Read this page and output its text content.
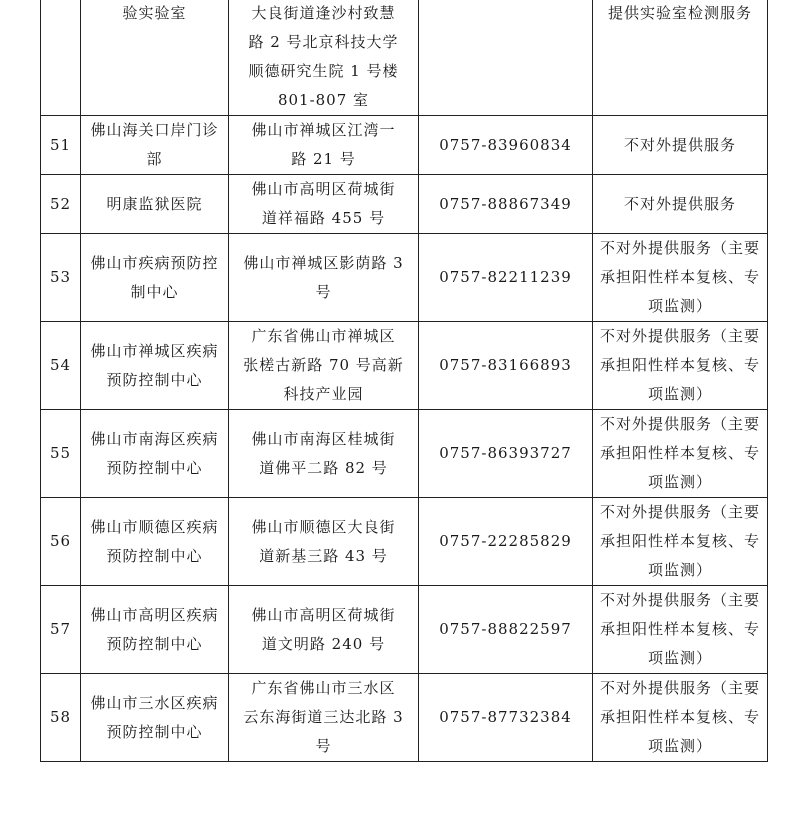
	验实验室	大良街道逢沙村致慧
路 2 号北京科技大学
顺德研究生院 1 号楼
801-807 室		提供实验室检测服务
51	佛山海关口岸门诊部	佛山市禅城区江湾一
路 21 号	0757-83960834	不对外提供服务
52	明康监狱医院	佛山市高明区荷城街
道祥福路 455 号	0757-88867349	不对外提供服务
53	佛山市疾病预防控制中心	佛山市禅城区影荫路 3
号	0757-82211239	不对外提供服务（主要承担阳性样本复核、专项监测）
54	佛山市禅城区疾病预防控制中心	广东省佛山市禅城区
张槎古新路 70 号高新
科技产业园	0757-83166893	不对外提供服务（主要承担阳性样本复核、专项监测）
55	佛山市南海区疾病预防控制中心	佛山市南海区桂城街
道佛平二路 82 号	0757-86393727	不对外提供服务（主要承担阳性样本复核、专项监测）
56	佛山市顺德区疾病预防控制中心	佛山市顺德区大良街
道新基三路 43 号	0757-22285829	不对外提供服务（主要承担阳性样本复核、专项监测）
57	佛山市高明区疾病预防控制中心	佛山市高明区荷城街
道文明路 240 号	0757-88822597	不对外提供服务（主要承担阳性样本复核、专项监测）
58	佛山市三水区疾病预防控制中心	广东省佛山市三水区
云东海街道三达北路 3
号	0757-87732384	不对外提供服务（主要承担阳性样本复核、专项监测）
